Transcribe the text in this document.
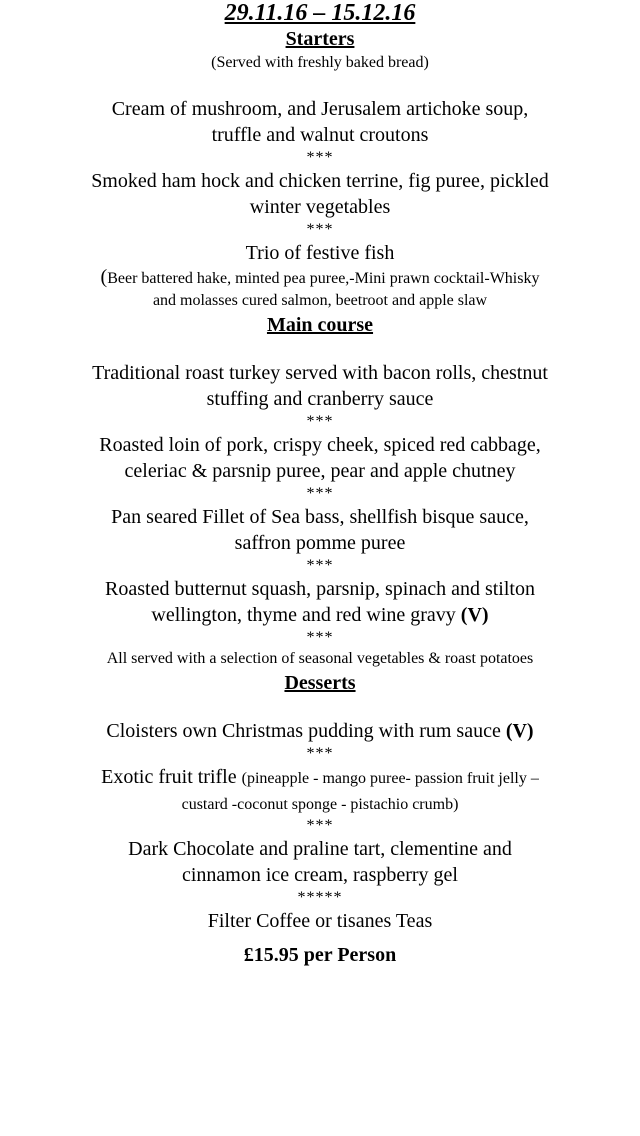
29.11.16 – 15.12.16
Starters
(Served with freshly baked bread)
Cream of mushroom, and Jerusalem artichoke soup, truffle and walnut croutons
***
Smoked ham hock and chicken terrine, fig puree, pickled winter vegetables
***
Trio of festive fish
(Beer battered hake, minted pea puree,-Mini prawn cocktail-Whisky and molasses cured salmon, beetroot and apple slaw
Main course
Traditional roast turkey served with bacon rolls, chestnut stuffing and cranberry sauce
***
Roasted loin of pork, crispy cheek, spiced red cabbage, celeriac & parsnip puree, pear and apple chutney
***
Pan seared Fillet of Sea bass, shellfish bisque sauce, saffron pomme puree
***
Roasted butternut squash, parsnip, spinach and stilton wellington, thyme and red wine gravy (V)
***
All served with a selection of seasonal vegetables & roast potatoes
Desserts
Cloisters own Christmas pudding with rum sauce (V)
***
Exotic fruit trifle (pineapple - mango puree- passion fruit jelly – custard -coconut sponge - pistachio crumb)
***
Dark Chocolate and praline tart, clementine and cinnamon ice cream, raspberry gel
*****
Filter Coffee or tisanes Teas
£15.95 per Person
